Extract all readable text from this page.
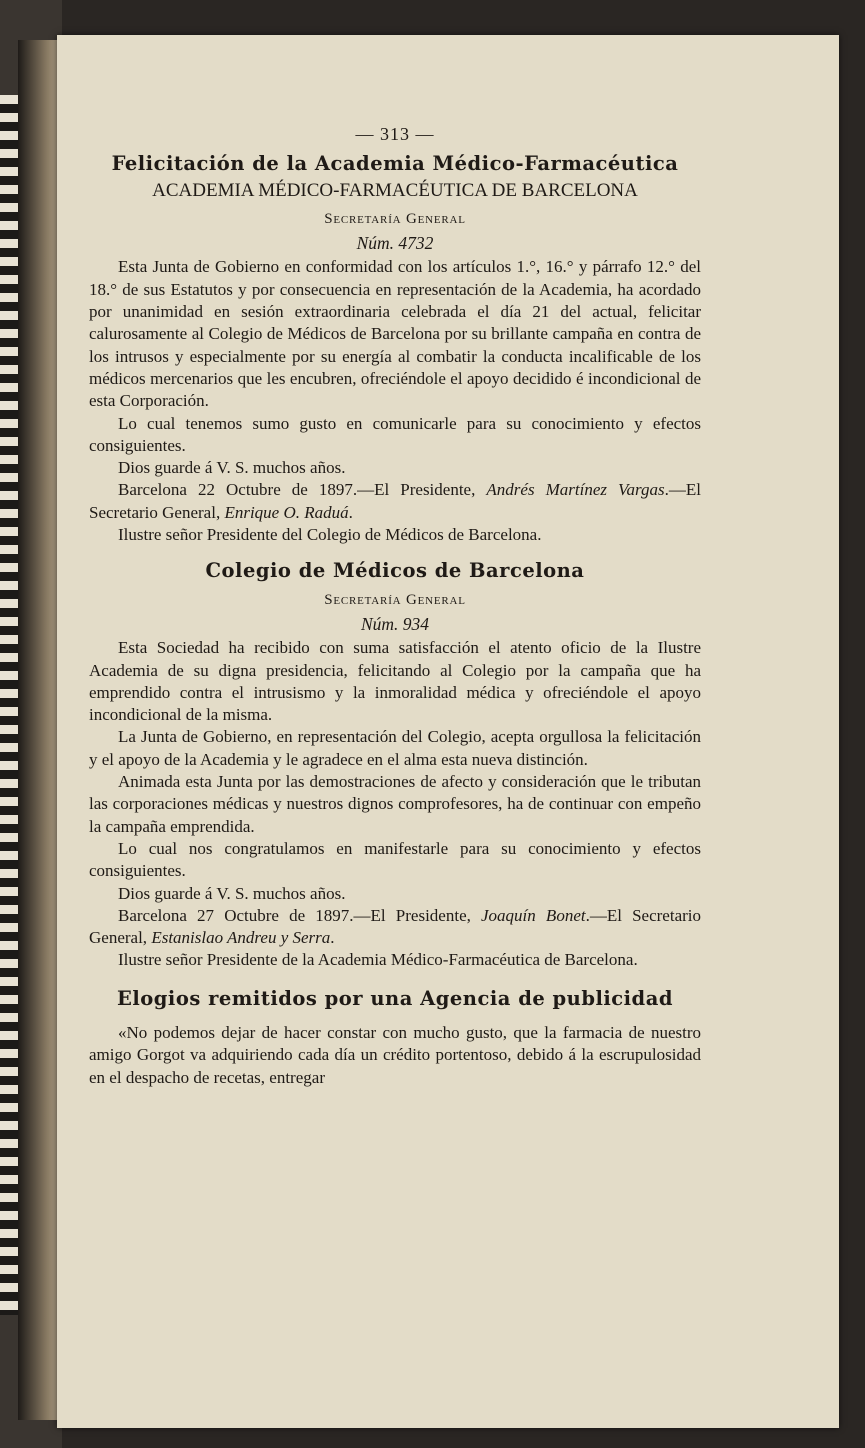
— 313 —
Felicitación de la Academia Médico-Farmacéutica
ACADEMIA MÉDICO-FARMACÉUTICA DE BARCELONA
Secretaría General
Núm. 4732

Esta Junta de Gobierno en conformidad con los artículos 1.°, 16.° y párrafo 12.° del 18.° de sus Estatutos y por consecuencia en representación de la Academia, ha acordado por unanimidad en sesión extraordinaria celebrada el día 21 del actual, felicitar calurosamente al Colegio de Médicos de Barcelona por su brillante campaña en contra de los intrusos y especialmente por su energía al combatir la conducta incalificable de los médicos mercenarios que les encubren, ofreciéndole el apoyo decidido é incondicional de esta Corporación.

Lo cual tenemos sumo gusto en comunicarle para su conocimiento y efectos consiguientes.

Dios guarde á V. S. muchos años.

Barcelona 22 Octubre de 1897.—El Presidente, Andrés Martínez Vargas.—El Secretario General, Enrique O. Raduá.

Ilustre señor Presidente del Colegio de Médicos de Barcelona.

Colegio de Médicos de Barcelona
Secretaría General
Núm. 934

Esta Sociedad ha recibido con suma satisfacción el atento oficio de la Ilustre Academia de su digna presidencia, felicitando al Colegio por la campaña que ha emprendido contra el intrusismo y la inmoralidad médica y ofreciéndole el apoyo incondicional de la misma.

La Junta de Gobierno, en representación del Colegio, acepta orgullosa la felicitación y el apoyo de la Academia y le agradece en el alma esta nueva distinción.

Animada esta Junta por las demostraciones de afecto y consideración que le tributan las corporaciones médicas y nuestros dignos comprofesores, ha de continuar con empeño la campaña emprendida.

Lo cual nos congratulamos en manifestarle para su conocimiento y efectos consiguientes.

Dios guarde á V. S. muchos años.

Barcelona 27 Octubre de 1897.—El Presidente, Joaquín Bonet.—El Secretario General, Estanislao Andreu y Serra.

Ilustre señor Presidente de la Academia Médico-Farmacéutica de Barcelona.

Elogios remitidos por una Agencia de publicidad

«No podemos dejar de hacer constar con mucho gusto, que la farmacia de nuestro amigo Gorgot va adquiriendo cada día un crédito portentoso, debido á la escrupulosidad en el despacho de recetas, entregar
